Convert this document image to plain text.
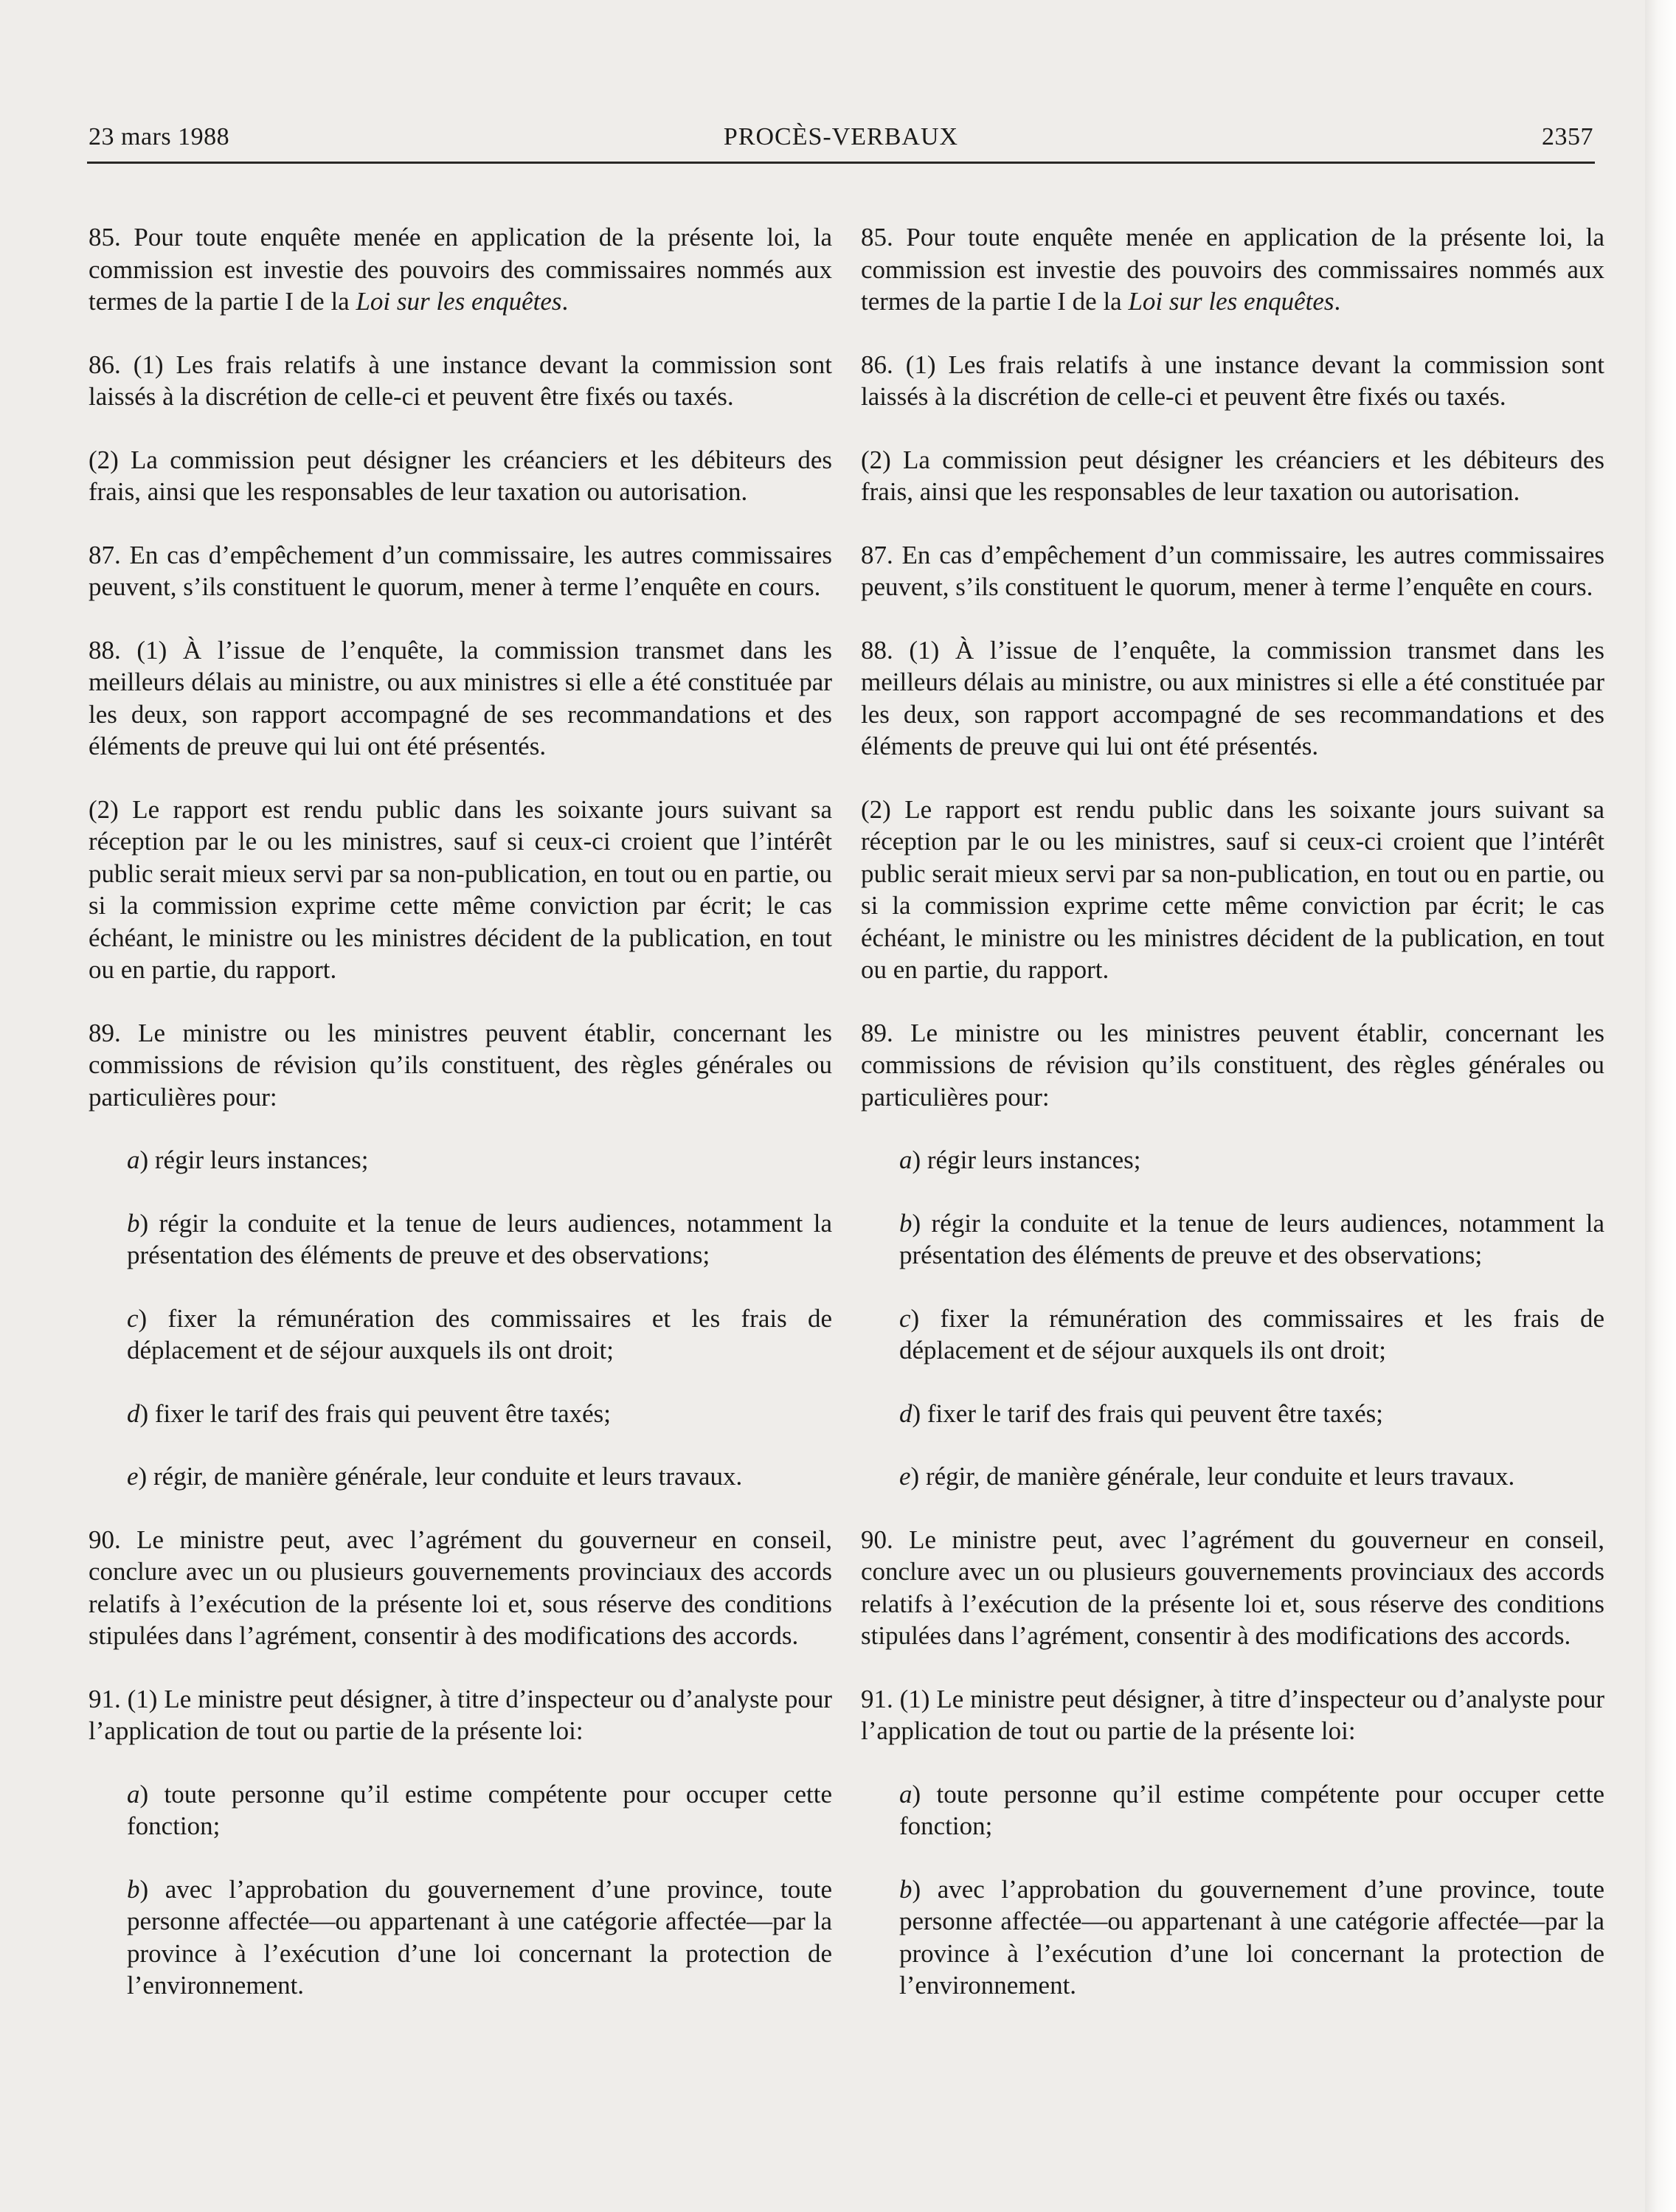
23 mars 1988	PROCÈS-VERBAUX	2357

85. Pour toute enquête menée en application de la présente loi, la commission est investie des pouvoirs des commissaires nommés aux termes de la partie I de la Loi sur les enquêtes.

86. (1) Les frais relatifs à une instance devant la commission sont laissés à la discrétion de celle-ci et peuvent être fixés ou taxés.

(2) La commission peut désigner les créanciers et les débiteurs des frais, ainsi que les responsables de leur taxation ou autorisation.

87. En cas d’empêchement d’un commissaire, les autres commissaires peuvent, s’ils constituent le quorum, mener à terme l’enquête en cours.

88. (1) À l’issue de l’enquête, la commission transmet dans les meilleurs délais au ministre, ou aux ministres si elle a été constituée par les deux, son rapport accompagné de ses recommandations et des éléments de preuve qui lui ont été présentés.

(2) Le rapport est rendu public dans les soixante jours suivant sa réception par le ou les ministres, sauf si ceux-ci croient que l’intérêt public serait mieux servi par sa non-publication, en tout ou en partie, ou si la commission exprime cette même conviction par écrit; le cas échéant, le ministre ou les ministres décident de la publication, en tout ou en partie, du rapport.

89. Le ministre ou les ministres peuvent établir, concernant les commissions de révision qu’ils constituent, des règles générales ou particulières pour:

a) régir leurs instances;

b) régir la conduite et la tenue de leurs audiences, notamment la présentation des éléments de preuve et des observations;

c) fixer la rémunération des commissaires et les frais de déplacement et de séjour auxquels ils ont droit;

d) fixer le tarif des frais qui peuvent être taxés;

e) régir, de manière générale, leur conduite et leurs travaux.

90. Le ministre peut, avec l’agrément du gouverneur en conseil, conclure avec un ou plusieurs gouvernements provinciaux des accords relatifs à l’exécution de la présente loi et, sous réserve des conditions stipulées dans l’agrément, consentir à des modifications des accords.

91. (1) Le ministre peut désigner, à titre d’inspecteur ou d’analyste pour l’application de tout ou partie de la présente loi:

a) toute personne qu’il estime compétente pour occuper cette fonction;

b) avec l’approbation du gouvernement d’une province, toute personne affectée—ou appartenant à une catégorie affectée—par la province à l’exécution d’une loi concernant la protection de l’environnement.

85. Pour toute enquête menée en application de la présente loi, la commission est investie des pouvoirs des commissaires nommés aux termes de la partie I de la Loi sur les enquêtes.

86. (1) Les frais relatifs à une instance devant la commission sont laissés à la discrétion de celle-ci et peuvent être fixés ou taxés.

(2) La commission peut désigner les créanciers et les débiteurs des frais, ainsi que les responsables de leur taxation ou autorisation.

87. En cas d’empêchement d’un commissaire, les autres commissaires peuvent, s’ils constituent le quorum, mener à terme l’enquête en cours.

88. (1) À l’issue de l’enquête, la commission transmet dans les meilleurs délais au ministre, ou aux ministres si elle a été constituée par les deux, son rapport accompagné de ses recommandations et des éléments de preuve qui lui ont été présentés.

(2) Le rapport est rendu public dans les soixante jours suivant sa réception par le ou les ministres, sauf si ceux-ci croient que l’intérêt public serait mieux servi par sa non-publication, en tout ou en partie, ou si la commission exprime cette même conviction par écrit; le cas échéant, le ministre ou les ministres décident de la publication, en tout ou en partie, du rapport.

89. Le ministre ou les ministres peuvent établir, concernant les commissions de révision qu’ils constituent, des règles générales ou particulières pour:

a) régir leurs instances;

b) régir la conduite et la tenue de leurs audiences, notamment la présentation des éléments de preuve et des observations;

c) fixer la rémunération des commissaires et les frais de déplacement et de séjour auxquels ils ont droit;

d) fixer le tarif des frais qui peuvent être taxés;

e) régir, de manière générale, leur conduite et leurs travaux.

90. Le ministre peut, avec l’agrément du gouverneur en conseil, conclure avec un ou plusieurs gouvernements provinciaux des accords relatifs à l’exécution de la présente loi et, sous réserve des conditions stipulées dans l’agrément, consentir à des modifications des accords.

91. (1) Le ministre peut désigner, à titre d’inspecteur ou d’analyste pour l’application de tout ou partie de la présente loi:

a) toute personne qu’il estime compétente pour occuper cette fonction;

b) avec l’approbation du gouvernement d’une province, toute personne affectée—ou appartenant à une catégorie affectée—par la province à l’exécution d’une loi concernant la protection de l’environnement.
